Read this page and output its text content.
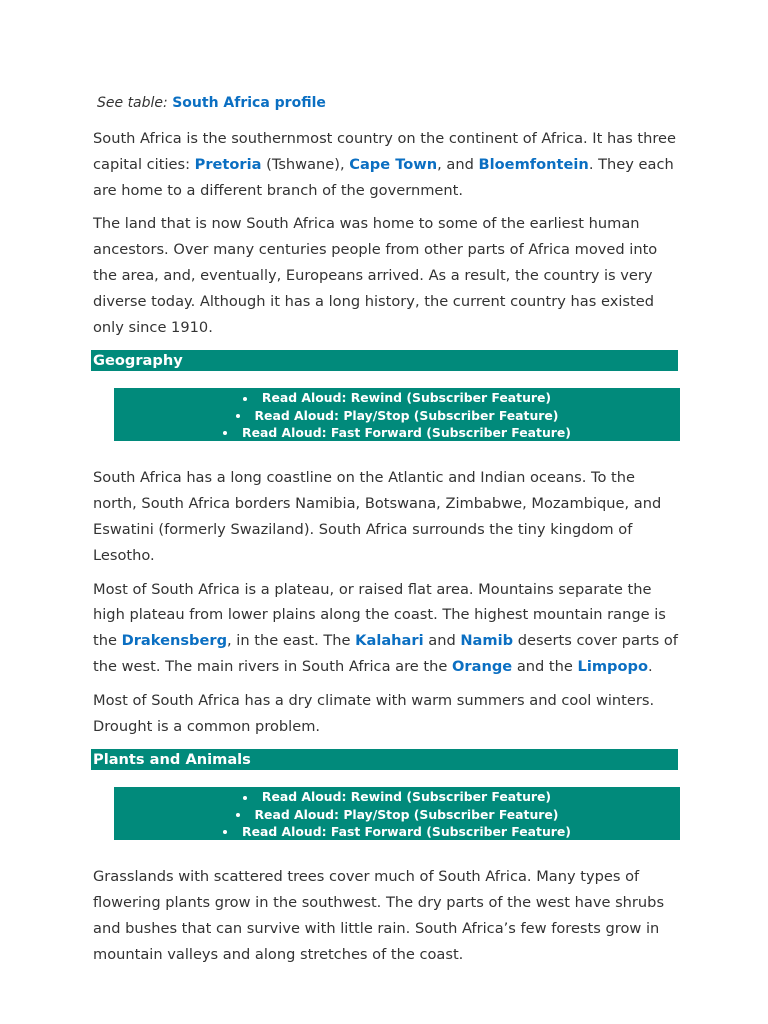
See table: South Africa profile

South Africa is the southernmost country on the continent of Africa. It has three capital cities: Pretoria (Tshwane), Cape Town, and Bloemfontein. They each are home to a different branch of the government.

The land that is now South Africa was home to some of the earliest human ancestors. Over many centuries people from other parts of Africa moved into the area, and, eventually, Europeans arrived. As a result, the country is very diverse today. Although it has a long history, the current country has existed only since 1910.

Geography
Read Aloud: Rewind (Subscriber Feature)
Read Aloud: Play/Stop (Subscriber Feature)
Read Aloud: Fast Forward (Subscriber Feature)

South Africa has a long coastline on the Atlantic and Indian oceans. To the north, South Africa borders Namibia, Botswana, Zimbabwe, Mozambique, and Eswatini (formerly Swaziland). South Africa surrounds the tiny kingdom of Lesotho.

Most of South Africa is a plateau, or raised flat area. Mountains separate the high plateau from lower plains along the coast. The highest mountain range is the Drakensberg, in the east. The Kalahari and Namib deserts cover parts of the west. The main rivers in South Africa are the Orange and the Limpopo.

Most of South Africa has a dry climate with warm summers and cool winters. Drought is a common problem.

Plants and Animals
Read Aloud: Rewind (Subscriber Feature)
Read Aloud: Play/Stop (Subscriber Feature)
Read Aloud: Fast Forward (Subscriber Feature)

Grasslands with scattered trees cover much of South Africa. Many types of flowering plants grow in the southwest. The dry parts of the west have shrubs and bushes that can survive with little rain. South Africa’s few forests grow in mountain valleys and along stretches of the coast.
